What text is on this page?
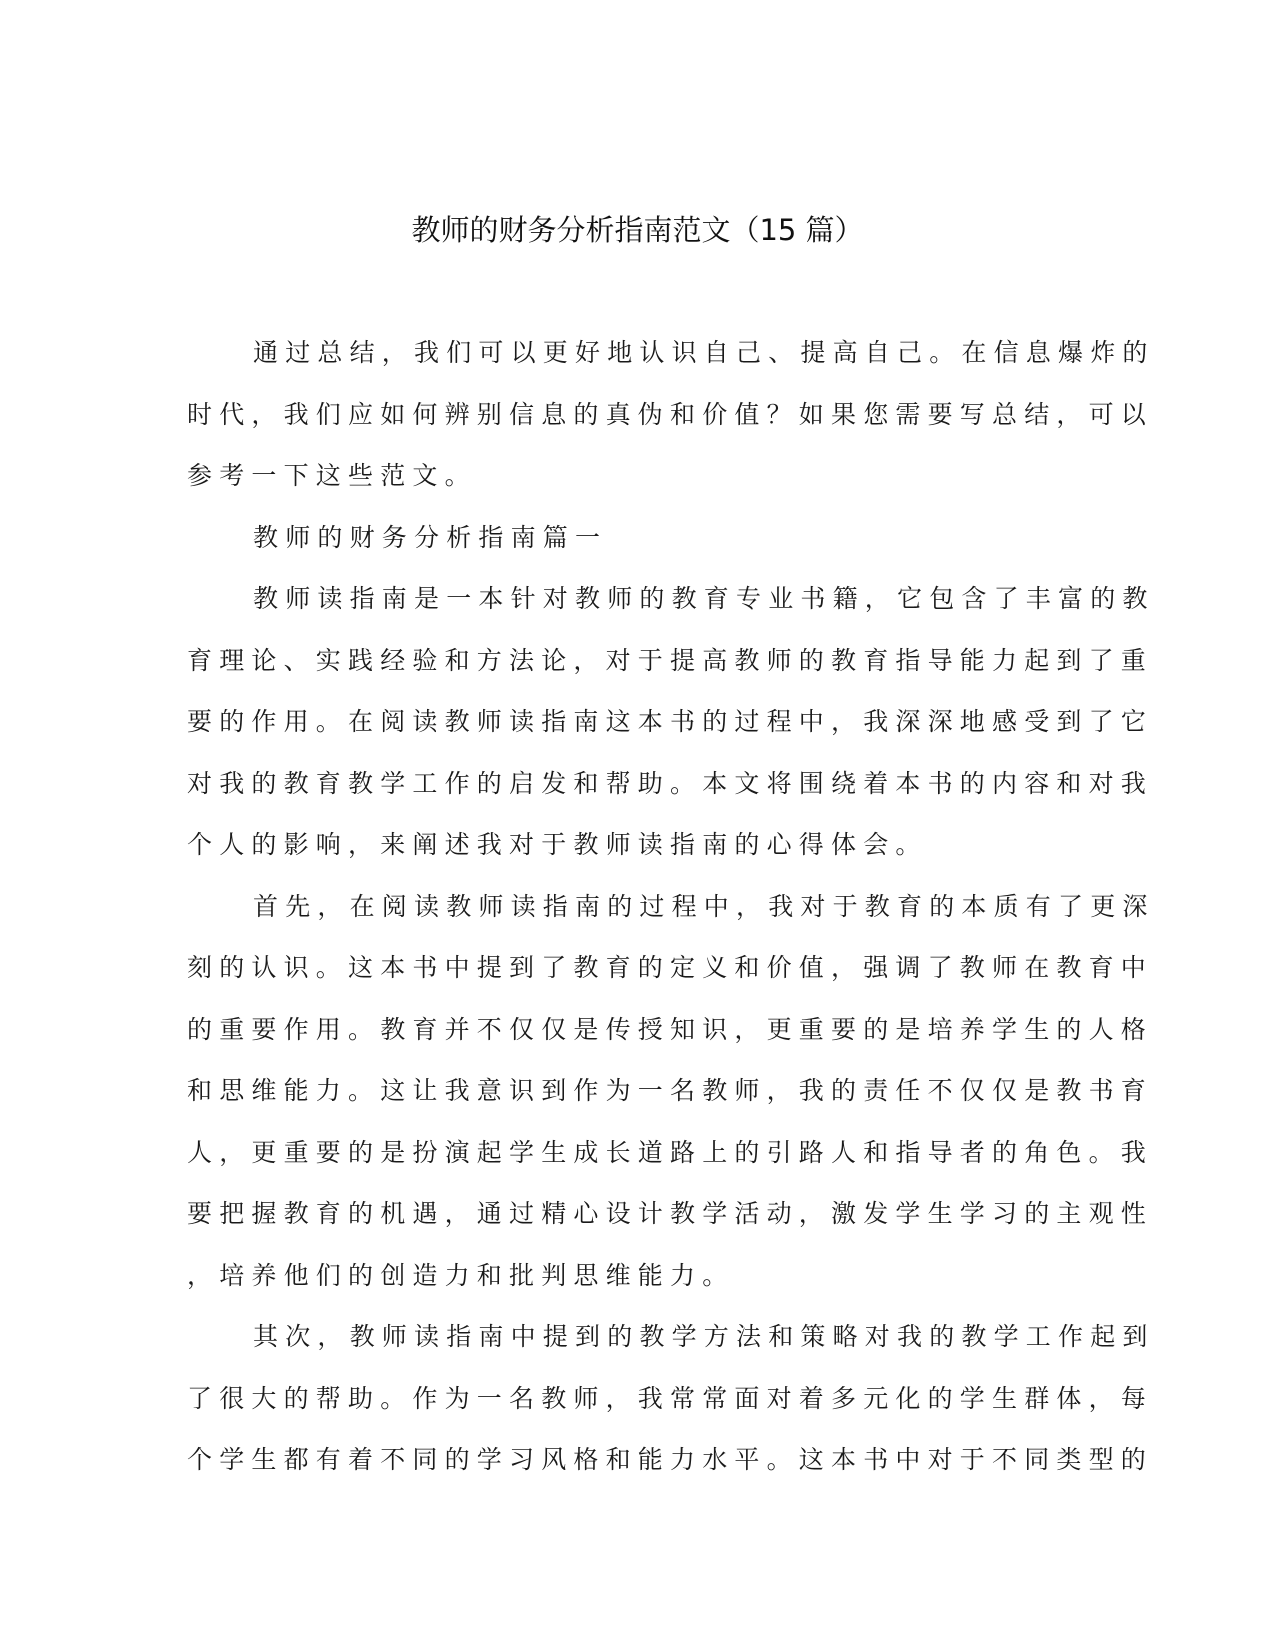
教师的财务分析指南范文（15 篇）
通过总结，我们可以更好地认识自己、提高自己。在信息爆炸的
时代，我们应如何辨别信息的真伪和价值？如果您需要写总结，可以
参考一下这些范文。
教师的财务分析指南篇一
教师读指南是一本针对教师的教育专业书籍，它包含了丰富的教
育理论、实践经验和方法论，对于提高教师的教育指导能力起到了重
要的作用。在阅读教师读指南这本书的过程中，我深深地感受到了它
对我的教育教学工作的启发和帮助。本文将围绕着本书的内容和对我
个人的影响，来阐述我对于教师读指南的心得体会。
首先，在阅读教师读指南的过程中，我对于教育的本质有了更深
刻的认识。这本书中提到了教育的定义和价值，强调了教师在教育中
的重要作用。教育并不仅仅是传授知识，更重要的是培养学生的人格
和思维能力。这让我意识到作为一名教师，我的责任不仅仅是教书育
人，更重要的是扮演起学生成长道路上的引路人和指导者的角色。我
要把握教育的机遇，通过精心设计教学活动，激发学生学习的主观性
，培养他们的创造力和批判思维能力。
其次，教师读指南中提到的教学方法和策略对我的教学工作起到
了很大的帮助。作为一名教师，我常常面对着多元化的学生群体，每
个学生都有着不同的学习风格和能力水平。这本书中对于不同类型的
